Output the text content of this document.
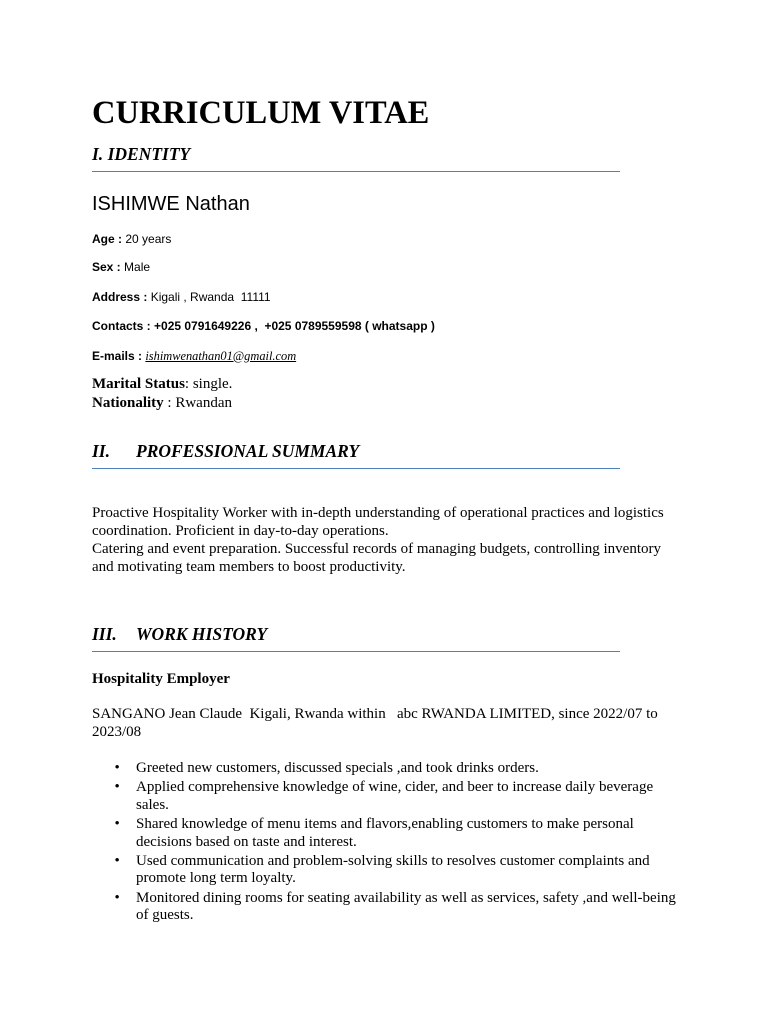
CURRICULUM VITAE
I. IDENTITY
ISHIMWE Nathan
Age : 20 years
Sex : Male
Address : Kigali , Rwanda  11111
Contacts : +025 0791649226 ,  +025 0789559598 ( whatsapp )
E-mails : ishimwenathan01@gmail.com
Marital Status: single.
Nationality : Rwandan
II. PROFESSIONAL SUMMARY

Proactive Hospitality Worker with in-depth understanding of operational practices and logistics coordination. Proficient in day-to-day operations.

Catering and event preparation. Successful records of managing budgets, controlling inventory and motivating team members to boost productivity.

III. WORK HISTORY
Hospitality Employer

SANGANO Jean Claude  Kigali, Rwanda within   abc RWANDA LIMITED, since 2022/07 to 2023/08

• Greeted new customers, discussed specials ,and took drinks orders.
• Applied comprehensive knowledge of wine, cider, and beer to increase daily beverage sales.
• Shared knowledge of menu items and flavors,enabling customers to make personal decisions based on taste and interest.
• Used communication and problem-solving skills to resolves customer complaints and promote long term loyalty.
• Monitored dining rooms for seating availability as well as services, safety ,and well-being of guests.
